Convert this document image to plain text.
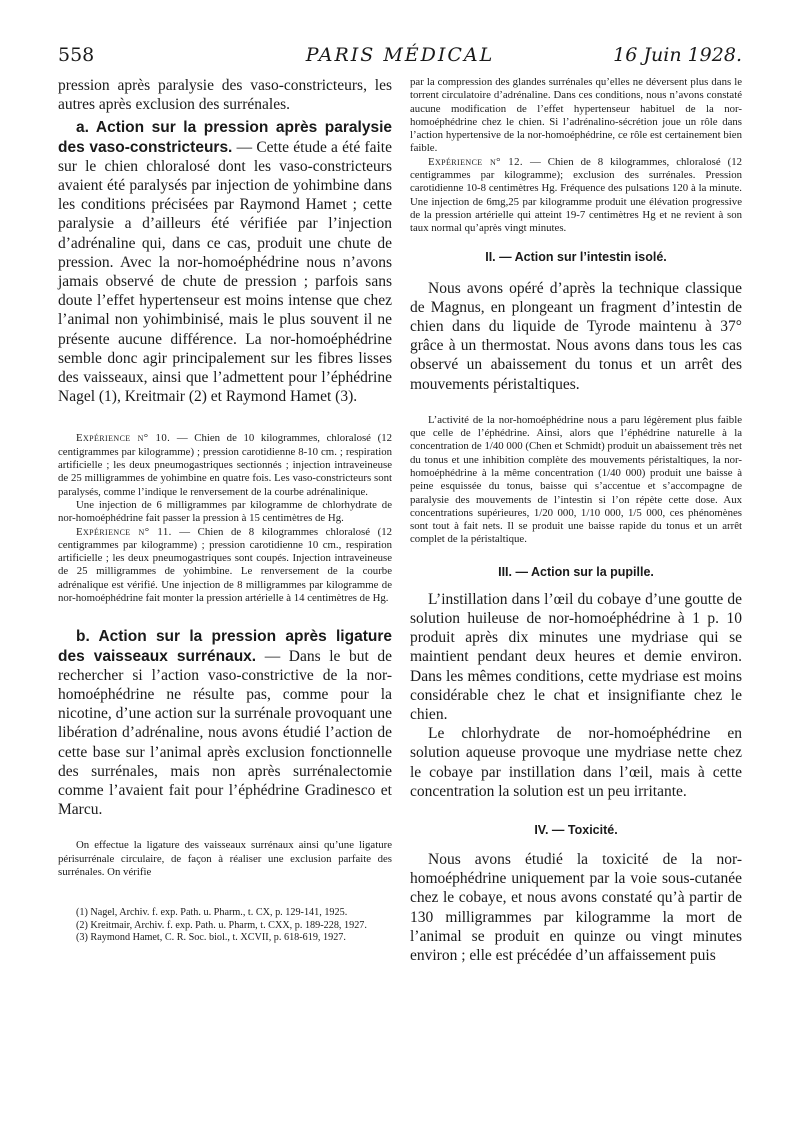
558	PARIS MÉDICAL	16 Juin 1928.

pression après paralysie des vaso-constricteurs, les autres après exclusion des surrénales.

a. Action sur la pression après paralysie des vaso-constricteurs. — Cette étude a été faite sur le chien chloralosé dont les vaso-constricteurs avaient été paralysés par injection de yohimbine dans les conditions précisées par Raymond Hamet ; cette paralysie a d’ailleurs été vérifiée par l’injection d’adrénaline qui, dans ce cas, produit une chute de pression. Avec la nor-homoéphédrine nous n’avons jamais observé de chute de pression ; parfois sans doute l’effet hypertenseur est moins intense que chez l’animal non yohimbinisé, mais le plus souvent il ne présente aucune différence. La nor-homoéphédrine semble donc agir principalement sur les fibres lisses des vaisseaux, ainsi que l’admettent pour l’éphédrine Nagel (1), Kreitmair (2) et Raymond Hamet (3).

Expérience n° 10. — Chien de 10 kilogrammes, chloralosé (12 centigrammes par kilogramme) ; pression carotidienne 8-10 cm. ; respiration artificielle ; les deux pneumogastriques sectionnés ; injection intraveineuse de 25 milligrammes de yohimbine en quatre fois. Les vaso-constricteurs sont paralysés, comme l’indique le renversement de la courbe adrénalinique.

Une injection de 6 milligrammes par kilogramme de chlorhydrate de nor-homoéphédrine fait passer la pression à 15 centimètres de Hg.

Expérience n° 11. — Chien de 8 kilogrammes chloralosé (12 centigrammes par kilogramme) ; pression carotidienne 10 cm., respiration artificielle ; les deux pneumogastriques sont coupés. Injection intraveineuse de 25 milligrammes de yohimbine. Le renversement de la courbe adrénalique est vérifié. Une injection de 8 milligrammes par kilogramme de nor-homoéphédrine fait monter la pression artérielle à 14 centimètres de Hg.

b. Action sur la pression après ligature des vaisseaux surrénaux. — Dans le but de rechercher si l’action vaso-constrictive de la nor-homoéphédrine ne résulte pas, comme pour la nicotine, d’une action sur la surrénale provoquant une libération d’adrénaline, nous avons étudié l’action de cette base sur l’animal après exclusion fonctionnelle des surrénales, mais non après surrénalectomie comme l’avaient fait pour l’éphédrine Gradinesco et Marcu.

On effectue la ligature des vaisseaux surrénaux ainsi qu’une ligature périsurrénale circulaire, de façon à réaliser une exclusion parfaite des surrénales. On vérifie

(1) Nagel, Archiv. f. exp. Path. u. Pharm., t. CX, p. 129-141, 1925.

(2) Kreitmair, Archiv. f. exp. Path. u. Pharm, t. CXX, p. 189-228, 1927.

(3) Raymond Hamet, C. R. Soc. biol., t. XCVII, p. 618-619, 1927.

par la compression des glandes surrénales qu’elles ne déversent plus dans le torrent circulatoire d’adrénaline. Dans ces conditions, nous n’avons constaté aucune modification de l’effet hypertenseur habituel de la nor-homoéphédrine chez le chien. Si l’adrénalino-sécrétion joue un rôle dans l’action hypertensive de la nor-homoéphédrine, ce rôle est certainement bien faible.

Expérience n° 12. — Chien de 8 kilogrammes, chloralosé (12 centigrammes par kilogramme); exclusion des surrénales. Pression carotidienne 10-8 centimètres Hg. Fréquence des pulsations 120 à la minute. Une injection de 6mg,25 par kilogramme produit une élévation progressive de la pression artérielle qui atteint 19-7 centimètres Hg et ne revient à son taux normal qu’après vingt minutes.

II. — Action sur l’intestin isolé.

Nous avons opéré d’après la technique classique de Magnus, en plongeant un fragment d’intestin de chien dans du liquide de Tyrode maintenu à 37° grâce à un thermostat. Nous avons dans tous les cas observé un abaissement du tonus et un arrêt des mouvements péristaltiques.

L’activité de la nor-homoéphédrine nous a paru légèrement plus faible que celle de l’éphédrine. Ainsi, alors que l’éphédrine naturelle à la concentration de 1/40 000 (Chen et Schmidt) produit un abaissement très net du tonus et une inhibition complète des mouvements péristaltiques, la nor-homoéphédrine à la même concentration (1/40 000) produit une baisse à peine esquissée du tonus, baisse qui s’accentue et s’accompagne de paralysie des mouvements de l’intestin si l’on répète cette dose. Aux concentrations supérieures, 1/20 000, 1/10 000, 1/5 000, ces phénomènes sont tout à fait nets. Il se produit une baisse rapide du tonus et un arrêt complet de la péristaltique.

III. — Action sur la pupille.

L’instillation dans l’œil du cobaye d’une goutte de solution huileuse de nor-homoéphédrine à 1 p. 10 produit après dix minutes une mydriase qui se maintient pendant deux heures et demie environ. Dans les mêmes conditions, cette mydriase est moins considérable chez le chat et insignifiante chez le chien.

Le chlorhydrate de nor-homoéphédrine en solution aqueuse provoque une mydriase nette chez le cobaye par instillation dans l’œil, mais à cette concentration la solution est un peu irritante.

IV. — Toxicité.

Nous avons étudié la toxicité de la nor-homoéphédrine uniquement par la voie sous-cutanée chez le cobaye, et nous avons constaté qu’à partir de 130 milligrammes par kilogramme la mort de l’animal se produit en quinze ou vingt minutes environ ; elle est précédée d’un affaissement puis
